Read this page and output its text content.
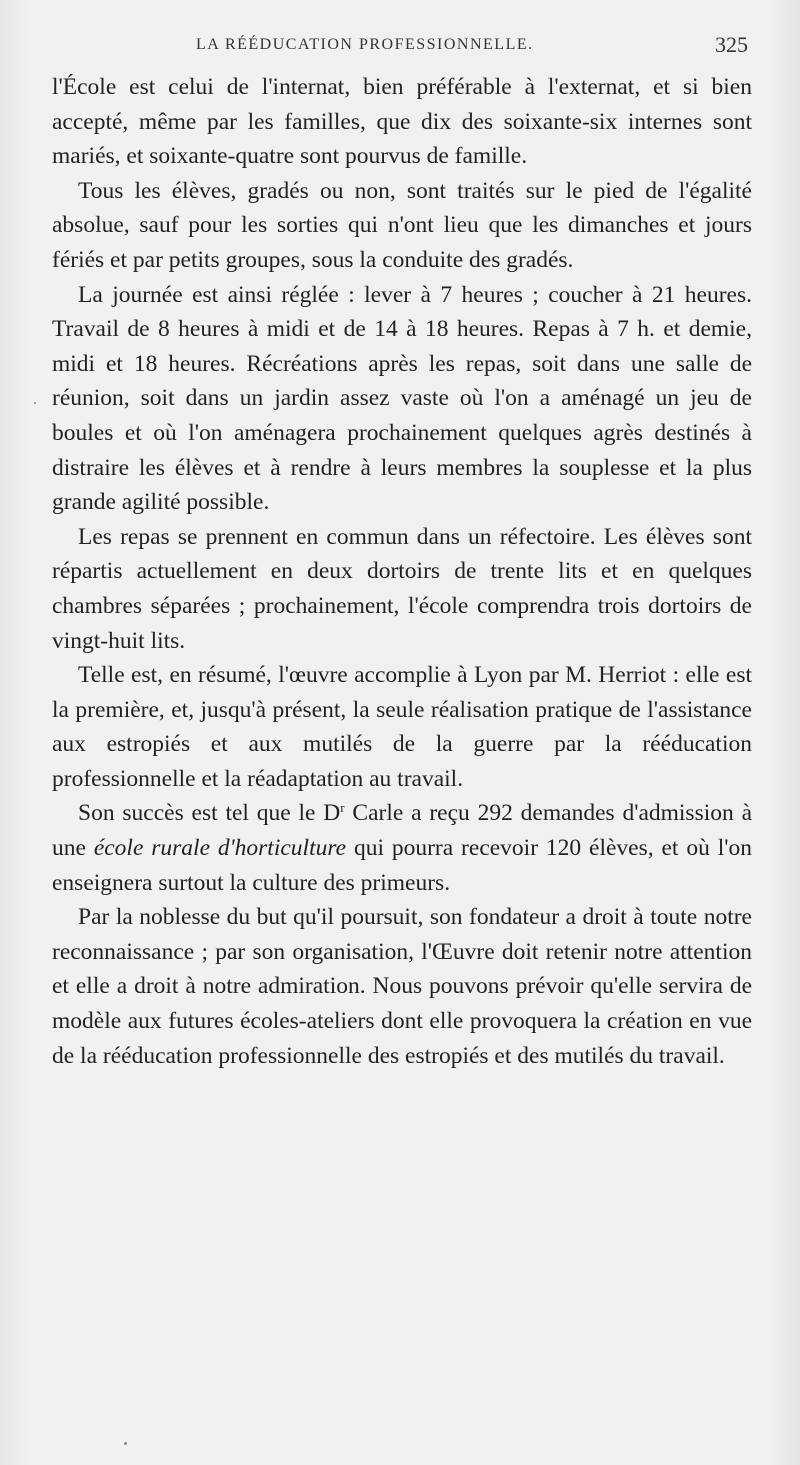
LA RÉÉDUCATION PROFESSIONNELLE.	325

l'École est celui de l'internat, bien préférable à l'externat, et si bien accepté, même par les familles, que dix des soixante-six internes sont mariés, et soixante-quatre sont pourvus de famille.

Tous les élèves, gradés ou non, sont traités sur le pied de l'égalité absolue, sauf pour les sorties qui n'ont lieu que les dimanches et jours fériés et par petits groupes, sous la conduite des gradés.

La journée est ainsi réglée : lever à 7 heures ; coucher à 21 heures. Travail de 8 heures à midi et de 14 à 18 heures. Repas à 7 h. et demie, midi et 18 heures. Récréations après les repas, soit dans une salle de réunion, soit dans un jardin assez vaste où l'on a aménagé un jeu de boules et où l'on aménagera prochainement quelques agrès destinés à distraire les élèves et à rendre à leurs membres la souplesse et la plus grande agilité possible.

Les repas se prennent en commun dans un réfectoire. Les élèves sont répartis actuellement en deux dortoirs de trente lits et en quelques chambres séparées ; prochainement, l'école comprendra trois dortoirs de vingt-huit lits.

Telle est, en résumé, l'œuvre accomplie à Lyon par M. Herriot : elle est la première, et, jusqu'à présent, la seule réalisation pratique de l'assistance aux estropiés et aux mutilés de la guerre par la rééducation professionnelle et la réadaptation au travail.

Son succès est tel que le $D^r$ Carle a reçu 292 demandes d'admission à une école rurale d'horticulture qui pourra recevoir 120 élèves, et où l'on enseignera surtout la culture des primeurs.

Par la noblesse du but qu'il poursuit, son fondateur a droit à toute notre reconnaissance ; par son organisation, l'Œuvre doit retenir notre attention et elle a droit à notre admiration. Nous pouvons prévoir qu'elle servira de modèle aux futures écoles-ateliers dont elle provoquera la création en vue de la rééducation professionnelle des estropiés et des mutilés du travail.
